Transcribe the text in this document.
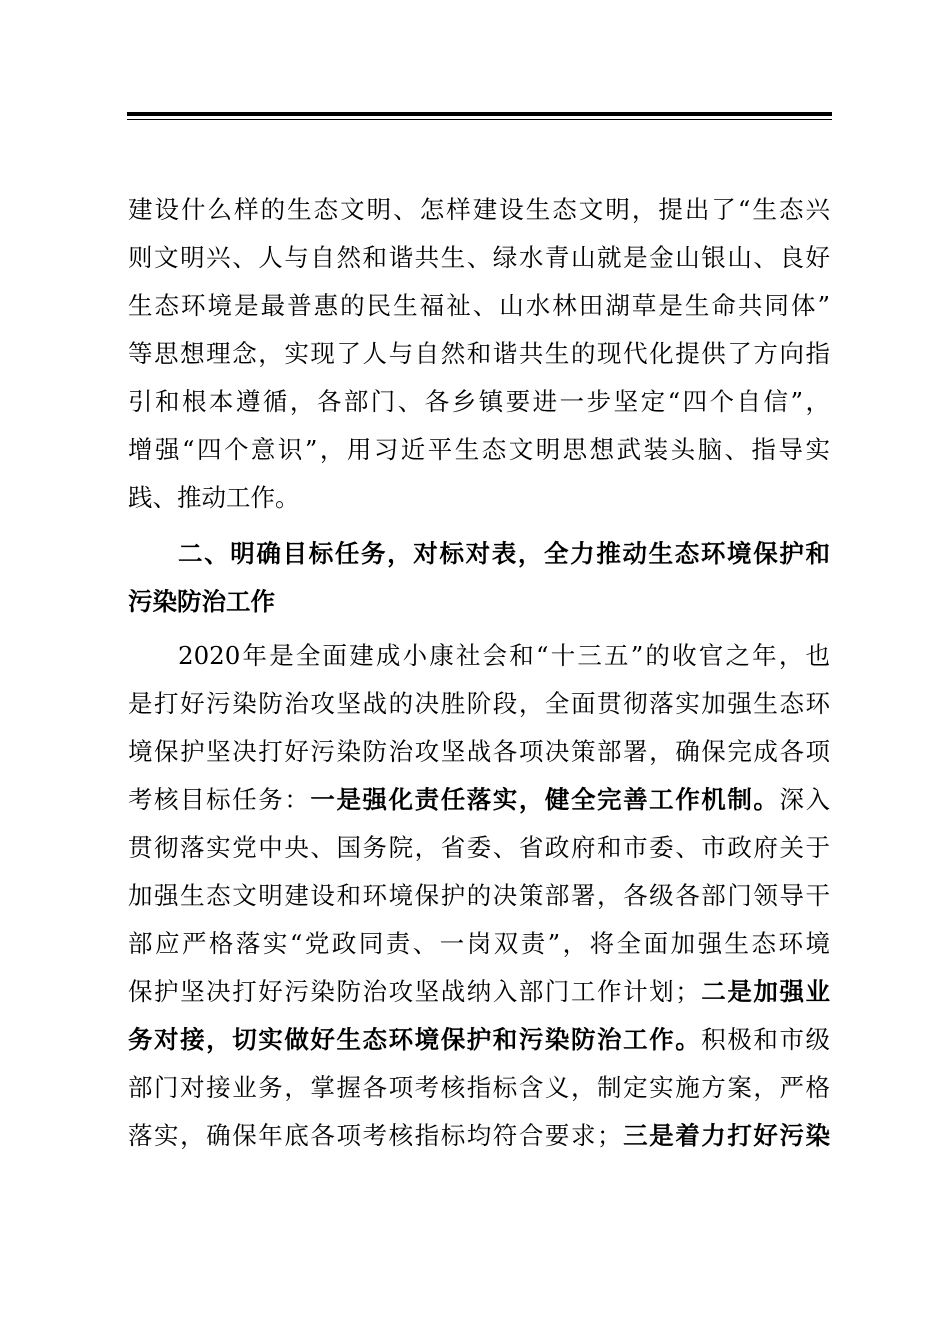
建设什么样的生态文明、怎样建设生态文明，提出了“生态兴
则文明兴、人与自然和谐共生、绿水青山就是金山银山、良好
生态环境是最普惠的民生福祉、山水林田湖草是生命共同体”
等思想理念，实现了人与自然和谐共生的现代化提供了方向指
引和根本遵循，各部门、各乡镇要进一步坚定“四个自信”，
增强“四个意识”，用习近平生态文明思想武装头脑、指导实
践、推动工作。
二、明确目标任务，对标对表，全力推动生态环境保护和
污染防治工作
2020年是全面建成小康社会和“十三五”的收官之年，也
是打好污染防治攻坚战的决胜阶段，全面贯彻落实加强生态环
境保护坚决打好污染防治攻坚战各项决策部署，确保完成各项
考核目标任务：一是强化责任落实，健全完善工作机制。深入
贯彻落实党中央、国务院，省委、省政府和市委、市政府关于
加强生态文明建设和环境保护的决策部署，各级各部门领导干
部应严格落实“党政同责、一岗双责”，将全面加强生态环境
保护坚决打好污染防治攻坚战纳入部门工作计划；二是加强业
务对接，切实做好生态环境保护和污染防治工作。积极和市级
部门对接业务，掌握各项考核指标含义，制定实施方案，严格
落实，确保年底各项考核指标均符合要求；三是着力打好污染
